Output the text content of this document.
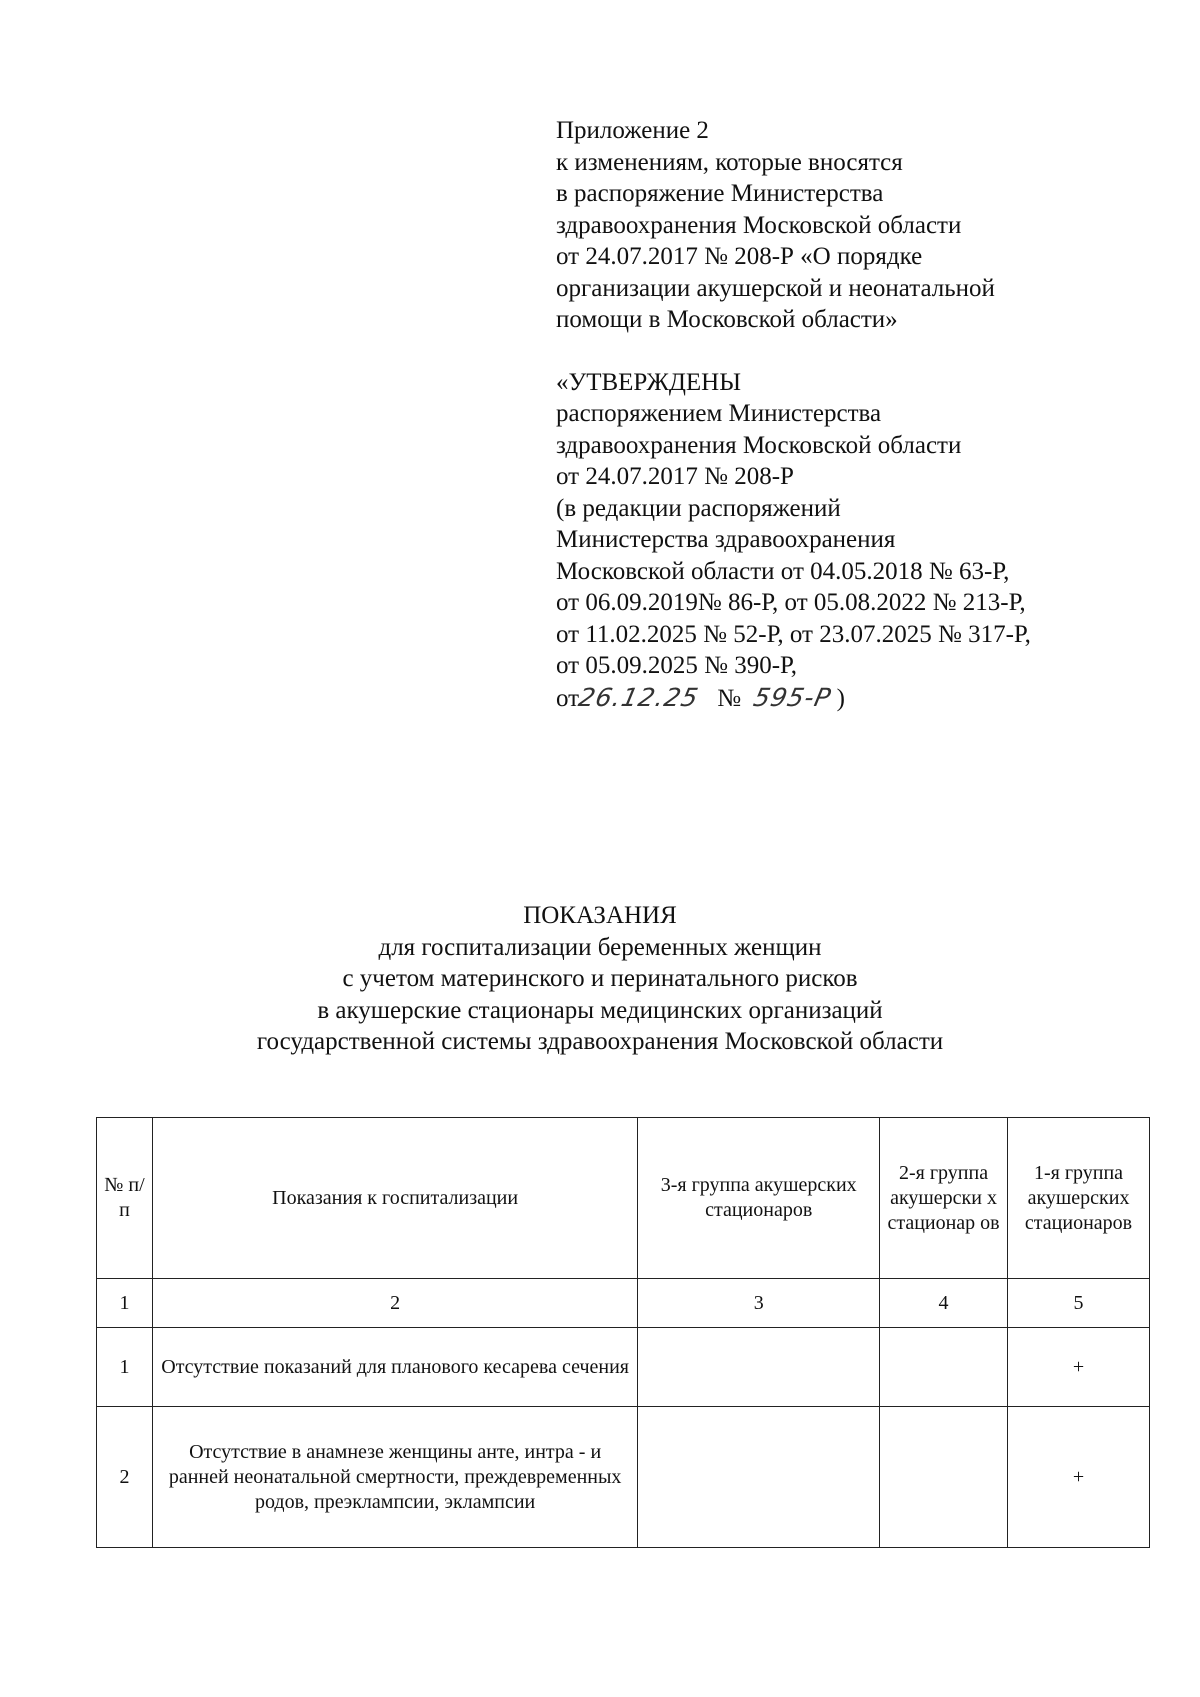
Приложение 2
к изменениям, которые вносятся
в распоряжение Министерства
здравоохранения Московской области
от 24.07.2017 № 208-Р «О порядке
организации акушерской и неонатальной
помощи в Московской области»
«УТВЕРЖДЕНЫ
распоряжением Министерства
здравоохранения Московской области
от 24.07.2017 № 208-Р
(в редакции распоряжений
Министерства здравоохранения
Московской области от 04.05.2018 № 63-Р,
от 06.09.2019№ 86-Р, от 05.08.2022 № 213-Р,
от 11.02.2025 № 52-Р, от 23.07.2025 № 317-Р,
от 05.09.2025 № 390-Р,
от26.12.25 № 595-Р )
ПОКАЗАНИЯ
для госпитализации беременных женщин
с учетом материнского и перинатального рисков
в акушерские стационары медицинских организаций
государственной системы здравоохранения Московской области
№ п/п	Показания к госпитализации	3-я группа акушерских стационаров	2-я группа акушерски х стационар ов	1-я группа акушерских стационаров
1	2	3	4	5
1	Отсутствие показаний для планового кесарева сечения			+
2	Отсутствие в анамнезе женщины анте, интра - и ранней неонатальной смертности, преждевременных родов, преэклампсии, эклампсии			+
